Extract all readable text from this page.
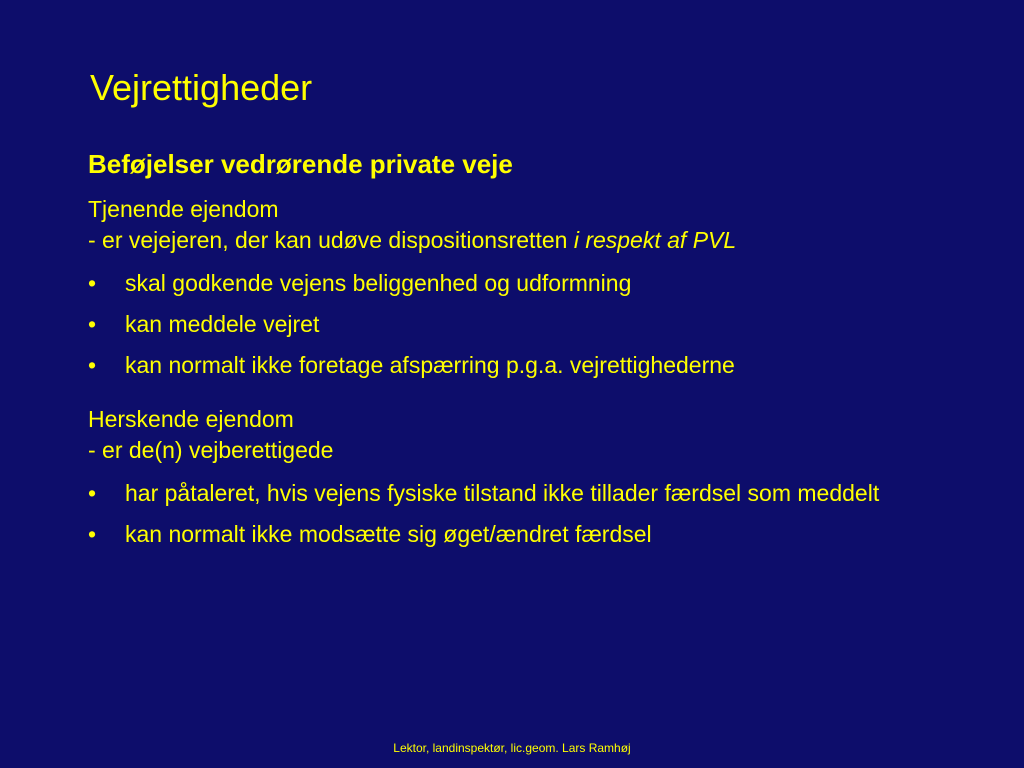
Vejrettigheder
Beføjelser vedrørende private veje

Tjenende ejendom
- er vejejeren, der kan udøve dispositionsretten i respekt af PVL

•	skal godkende vejens beliggenhed og udformning
•	kan meddele vejret
•	kan normalt ikke foretage afspærring p.g.a. vejrettighederne

Herskende ejendom
- er de(n) vejberettigede

•	har påtaleret, hvis vejens fysiske tilstand ikke tillader færdsel som meddelt
•	kan normalt ikke modsætte sig øget/ændret færdsel
Lektor, landinspektør, lic.geom. Lars Ramhøj
